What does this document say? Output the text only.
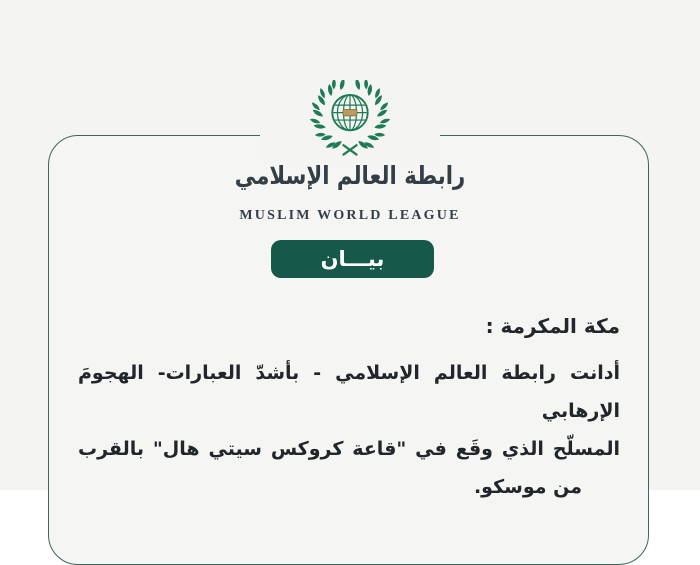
رابطة العالم الإسلامي
MUSLIM WORLD LEAGUE
بيـــان
مكة المكرمة :
أدانت رابطة العالم الإسلامي - بأشدّ العبارات- الهجومَ الإرهابي
المسلّح الذي وقَع في "قاعة كروكس سيتي هال" بالقرب
من موسكو.
